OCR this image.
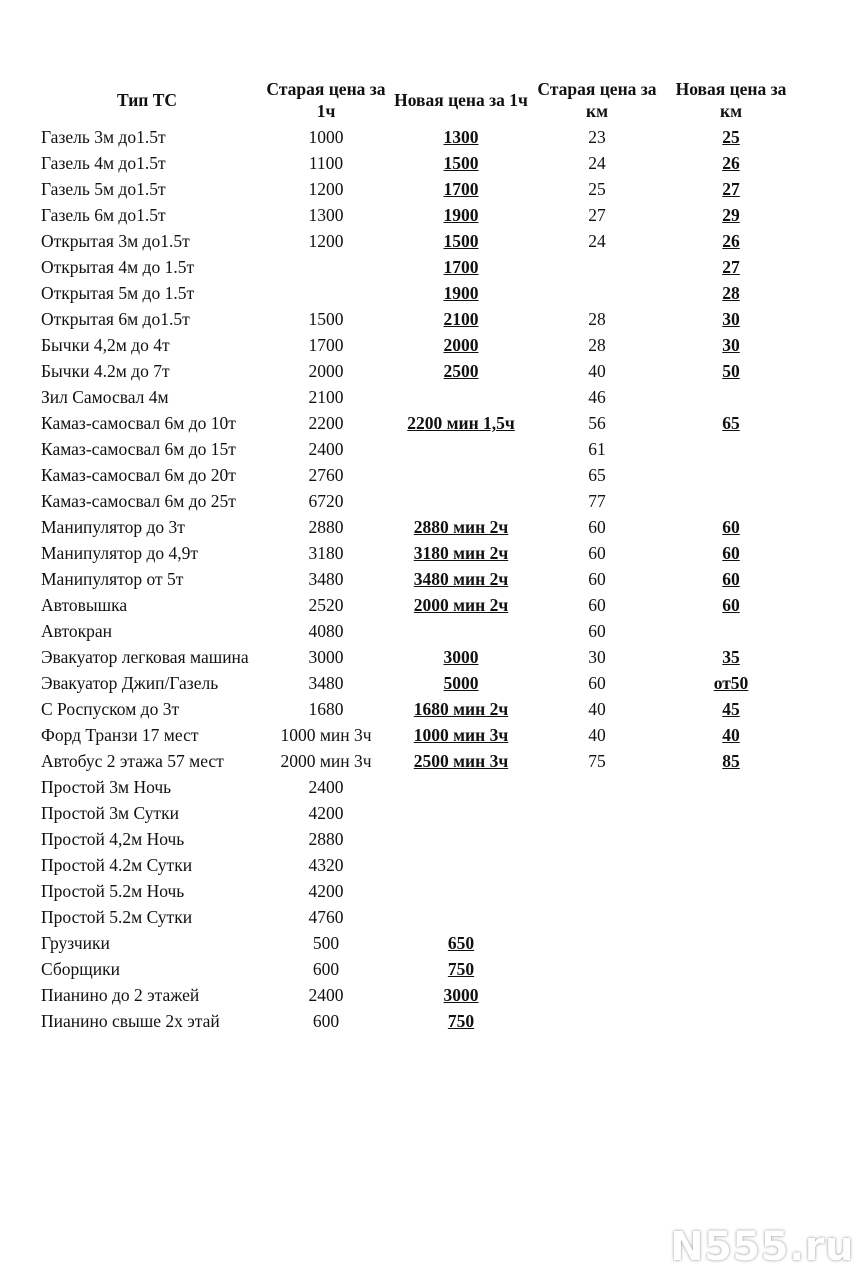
Тип ТС	Старая цена за 1ч	Новая цена за 1ч	Старая цена за км	Новая цена за км
Газель 3м до1.5т	1000	1300	23	25
Газель 4м до1.5т	1100	1500	24	26
Газель 5м до1.5т	1200	1700	25	27
Газель 6м до1.5т	1300	1900	27	29
Открытая 3м до1.5т	1200	1500	24	26
Открытая 4м до 1.5т		1700		27
Открытая 5м до 1.5т		1900		28
Открытая 6м до1.5т	1500	2100	28	30
Бычки 4,2м до 4т	1700	2000	28	30
Бычки 4.2м до 7т	2000	2500	40	50
Зил Самосвал 4м	2100		46	
Камаз-самосвал 6м до 10т	2200	2200 мин 1,5ч	56	65
Камаз-самосвал 6м до 15т	2400		61	
Камаз-самосвал 6м до 20т	2760		65	
Камаз-самосвал 6м до 25т	6720		77	
Манипулятор до 3т	2880	2880 мин 2ч	60	60
Манипулятор до 4,9т	3180	3180 мин 2ч	60	60
Манипулятор от 5т	3480	3480 мин 2ч	60	60
Автовышка	2520	2000 мин 2ч	60	60
Автокран	4080		60	
Эвакуатор легковая машина	3000	3000	30	35
Эвакуатор Джип/Газель	3480	5000	60	от50
С Роспуском до 3т	1680	1680 мин 2ч	40	45
Форд Транзи 17 мест	1000 мин 3ч	1000 мин 3ч	40	40
Автобус 2 этажа 57 мест	2000 мин 3ч	2500 мин 3ч	75	85
Простой 3м Ночь	2400			
Простой 3м Сутки	4200			
Простой 4,2м Ночь	2880			
Простой 4.2м Сутки	4320			
Простой 5.2м Ночь	4200			
Простой 5.2м Сутки	4760			
Грузчики	500	650		
Сборщики	600	750		
Пианино до 2 этажей	2400	3000		
Пианино свыше 2х этай	600	750		
N555.ru
